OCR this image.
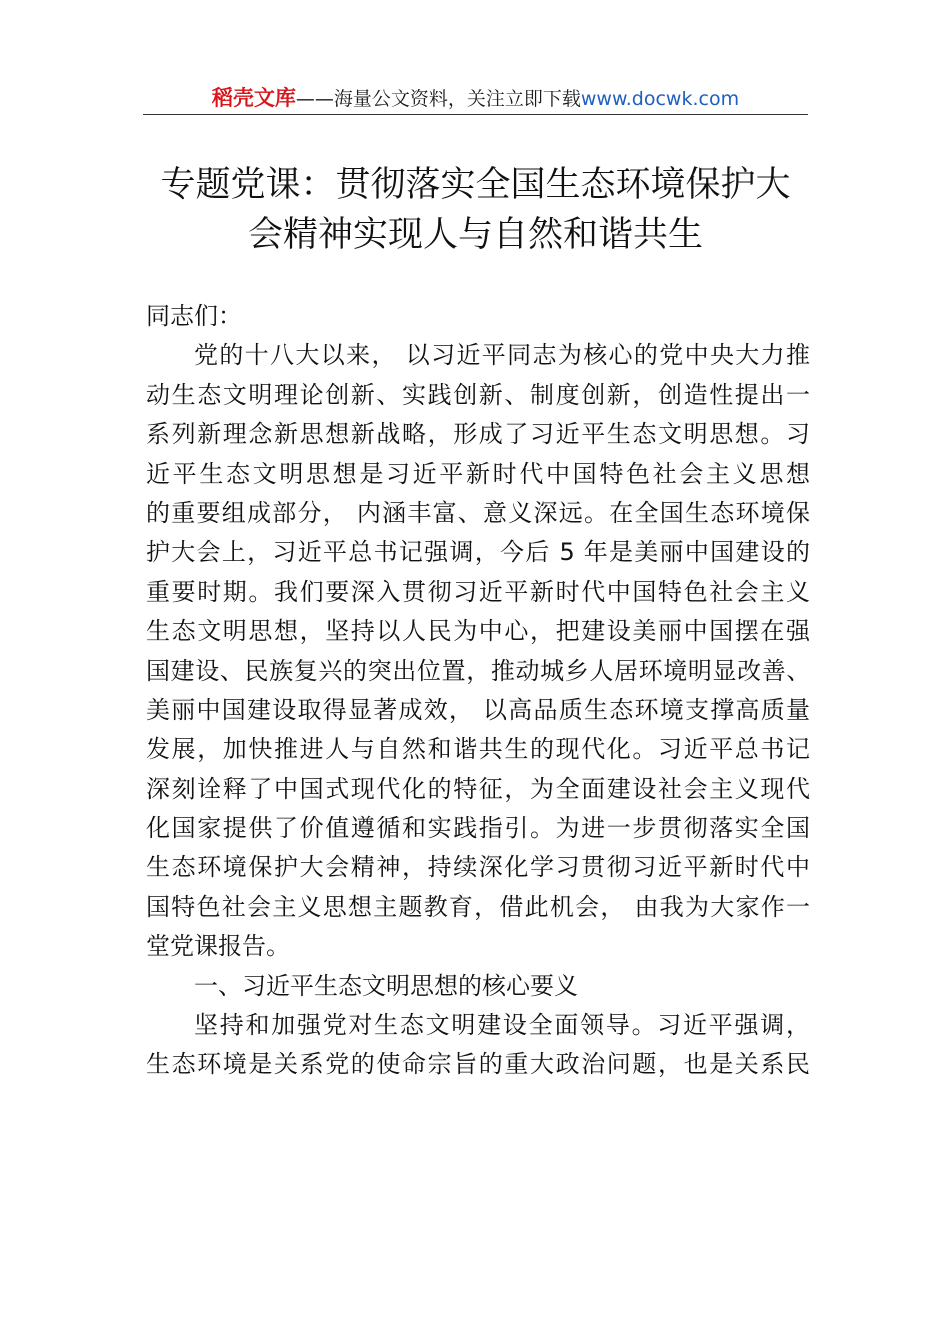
稻壳文库——海量公文资料，关注立即下载www.docwk.com
专题党课：贯彻落实全国生态环境保护大
会精神实现人与自然和谐共生
同志们：
党的十八大以来， 以习近平同志为核心的党中央大力推
动生态文明理论创新、实践创新、制度创新，创造性提出一
系列新理念新思想新战略，形成了习近平生态文明思想。习
近平生态文明思想是习近平新时代中国特色社会主义思想
的重要组成部分， 内涵丰富、意义深远。在全国生态环境保
护大会上，习近平总书记强调，今后 5 年是美丽中国建设的
重要时期。我们要深入贯彻习近平新时代中国特色社会主义
生态文明思想，坚持以人民为中心，把建设美丽中国摆在强
国建设、民族复兴的突出位置，推动城乡人居环境明显改善、
美丽中国建设取得显著成效， 以高品质生态环境支撑高质量
发展，加快推进人与自然和谐共生的现代化。习近平总书记
深刻诠释了中国式现代化的特征，为全面建设社会主义现代
化国家提供了价值遵循和实践指引。为进一步贯彻落实全国
生态环境保护大会精神，持续深化学习贯彻习近平新时代中
国特色社会主义思想主题教育，借此机会， 由我为大家作一
堂党课报告。
一、习近平生态文明思想的核心要义
坚持和加强党对生态文明建设全面领导。习近平强调，
生态环境是关系党的使命宗旨的重大政治问题，也是关系民
